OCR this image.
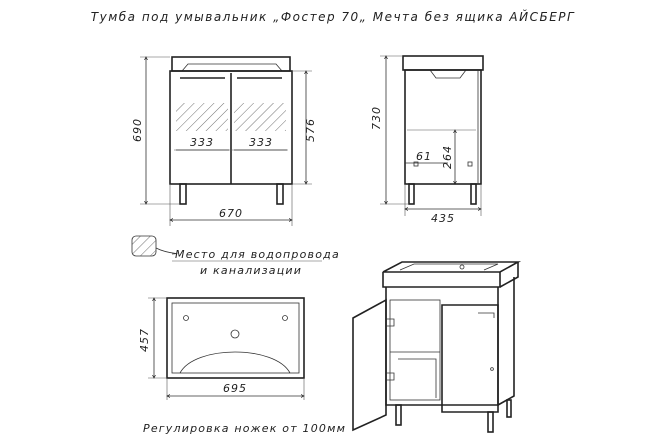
Тумба под умывальник „Фостер 70„ Мечта без ящика АЙСБЕРГ
690	576
333	333
670
730
264
61
435
Место для водопровода
и канализации
457
695
Регулировка ножек от 100мм
